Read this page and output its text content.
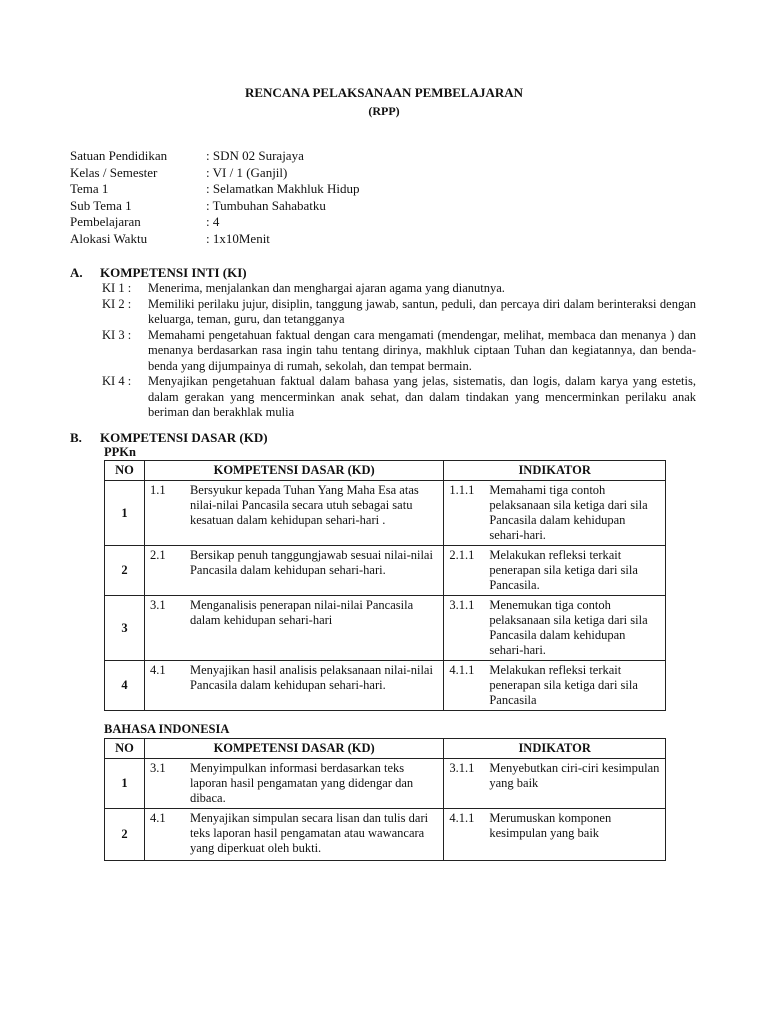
RENCANA PELAKSANAAN PEMBELAJARAN
(RPP)
Satuan Pendidikan	: SDN 02 Surajaya
Kelas / Semester	: VI / 1 (Ganjil)
Tema 1	: Selamatkan Makhluk Hidup
Sub Tema 1	: Tumbuhan Sahabatku
Pembelajaran	: 4
Alokasi Waktu	: 1x10Menit
A. KOMPETENSI INTI (KI)
KI 1 :	Menerima, menjalankan dan menghargai ajaran agama yang dianutnya.
KI 2 :	Memiliki perilaku jujur, disiplin, tanggung jawab, santun, peduli, dan percaya diri dalam berinteraksi dengan keluarga, teman, guru, dan tetangganya
KI 3 :	Memahami pengetahuan faktual dengan cara mengamati (mendengar, melihat, membaca dan menanya ) dan menanya berdasarkan rasa ingin tahu tentang dirinya, makhluk ciptaan Tuhan dan kegiatannya, dan benda-benda yang dijumpainya di rumah, sekolah, dan tempat bermain.
KI 4 :	Menyajikan pengetahuan faktual dalam bahasa yang jelas, sistematis, dan logis, dalam karya yang estetis, dalam gerakan yang mencerminkan anak sehat, dan dalam tindakan yang mencerminkan perilaku anak beriman dan berakhlak mulia
B. KOMPETENSI DASAR (KD)
PPKn
NO	KOMPETENSI DASAR (KD)	INDIKATOR
1	1.1 Bersyukur kepada Tuhan Yang Maha Esa atas nilai-nilai Pancasila secara utuh sebagai satu kesatuan dalam kehidupan sehari-hari .	1.1.1 Memahami tiga contoh pelaksanaan sila ketiga dari sila Pancasila dalam kehidupan sehari-hari.

2	2.1 Bersikap penuh tanggungjawab sesuai nilai-nilai Pancasila dalam kehidupan sehari-hari.	2.1.1 Melakukan refleksi terkait penerapan sila ketiga dari sila Pancasila.

3	3.1 Menganalisis penerapan nilai-nilai Pancasila dalam kehidupan sehari-hari	3.1.1 Menemukan tiga contoh pelaksanaan sila ketiga dari sila Pancasila dalam kehidupan sehari-hari.

4	4.1 Menyajikan hasil analisis pelaksanaan nilai-nilai Pancasila dalam kehidupan sehari-hari.	4.1.1 Melakukan refleksi terkait penerapan sila ketiga dari sila Pancasila
BAHASA INDONESIA
NO	KOMPETENSI DASAR (KD)	INDIKATOR
1	3.1 Menyimpulkan informasi berdasarkan teks laporan hasil pengamatan yang didengar dan dibaca.	3.1.1 Menyebutkan ciri-ciri kesimpulan yang baik

2	4.1 Menyajikan simpulan secara lisan dan tulis dari teks laporan hasil pengamatan atau wawancara yang diperkuat oleh bukti.	4.1.1 Merumuskan komponen kesimpulan yang baik
